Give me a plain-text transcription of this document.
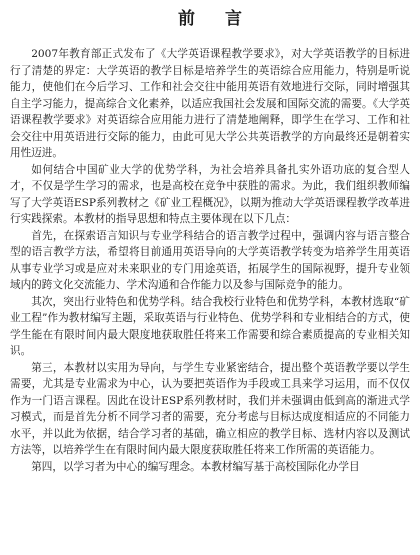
前 言

2007年教育部正式发布了《大学英语课程教学要求》，对大学英语教学的目标进行了清楚的界定：大学英语的教学目标是培养学生的英语综合应用能力，特别是听说能力，使他们在今后学习、工作和社会交往中能用英语有效地进行交际，同时增强其自主学习能力，提高综合文化素养，以适应我国社会发展和国际交流的需要。《大学英语课程教学要求》对英语综合应用能力进行了清楚地阐释，即学生在学习、工作和社会交往中用英语进行交际的能力，由此可见大学公共英语教学的方向最终还是朝着实用性迈进。

如何结合中国矿业大学的优势学科，为社会培养具备扎实外语功底的复合型人才，不仅是学生学习的需求，也是高校在竞争中获胜的需求。为此，我们组织教师编写了大学英语ESP系列教材之《矿业工程概况》，以期为推动大学英语课程教学改革进行实践探索。本教材的指导思想和特点主要体现在以下几点：

首先，在探索语言知识与专业学科结合的语言教学过程中，强调内容与语言整合型的语言教学方法，希望将目前通用英语导向的大学英语教学转变为培养学生用英语从事专业学习或是应对未来职业的专门用途英语，拓展学生的国际视野，提升专业领域内的跨文化交流能力、学术沟通和合作能力以及参与国际竞争的能力。

其次，突出行业特色和优势学科。结合我校行业特色和优势学科，本教材选取“矿业工程”作为教材编写主题，采取英语与行业特色、优势学科和专业相结合的方式，使学生能在有限时间内最大限度地获取胜任将来工作需要和综合素质提高的专业相关知识。

第三，本教材以实用为导向，与学生专业紧密结合，提出整个英语教学要以学生需要，尤其是专业需求为中心，认为要把英语作为手段或工具来学习运用，而不仅仅作为一门语言课程。因此在设计ESP系列教材时，我们并未强调由低到高的渐进式学习模式，而是首先分析不同学习者的需要，充分考虑与目标达成度相适应的不同能力水平，并以此为依据，结合学习者的基础，确立相应的教学目标、选材内容以及测试方法等，以培养学生在有限时间内最大限度获取胜任将来工作所需的英语能力。

第四，以学习者为中心的编写理念。本教材编写基于高校国际化办学目
